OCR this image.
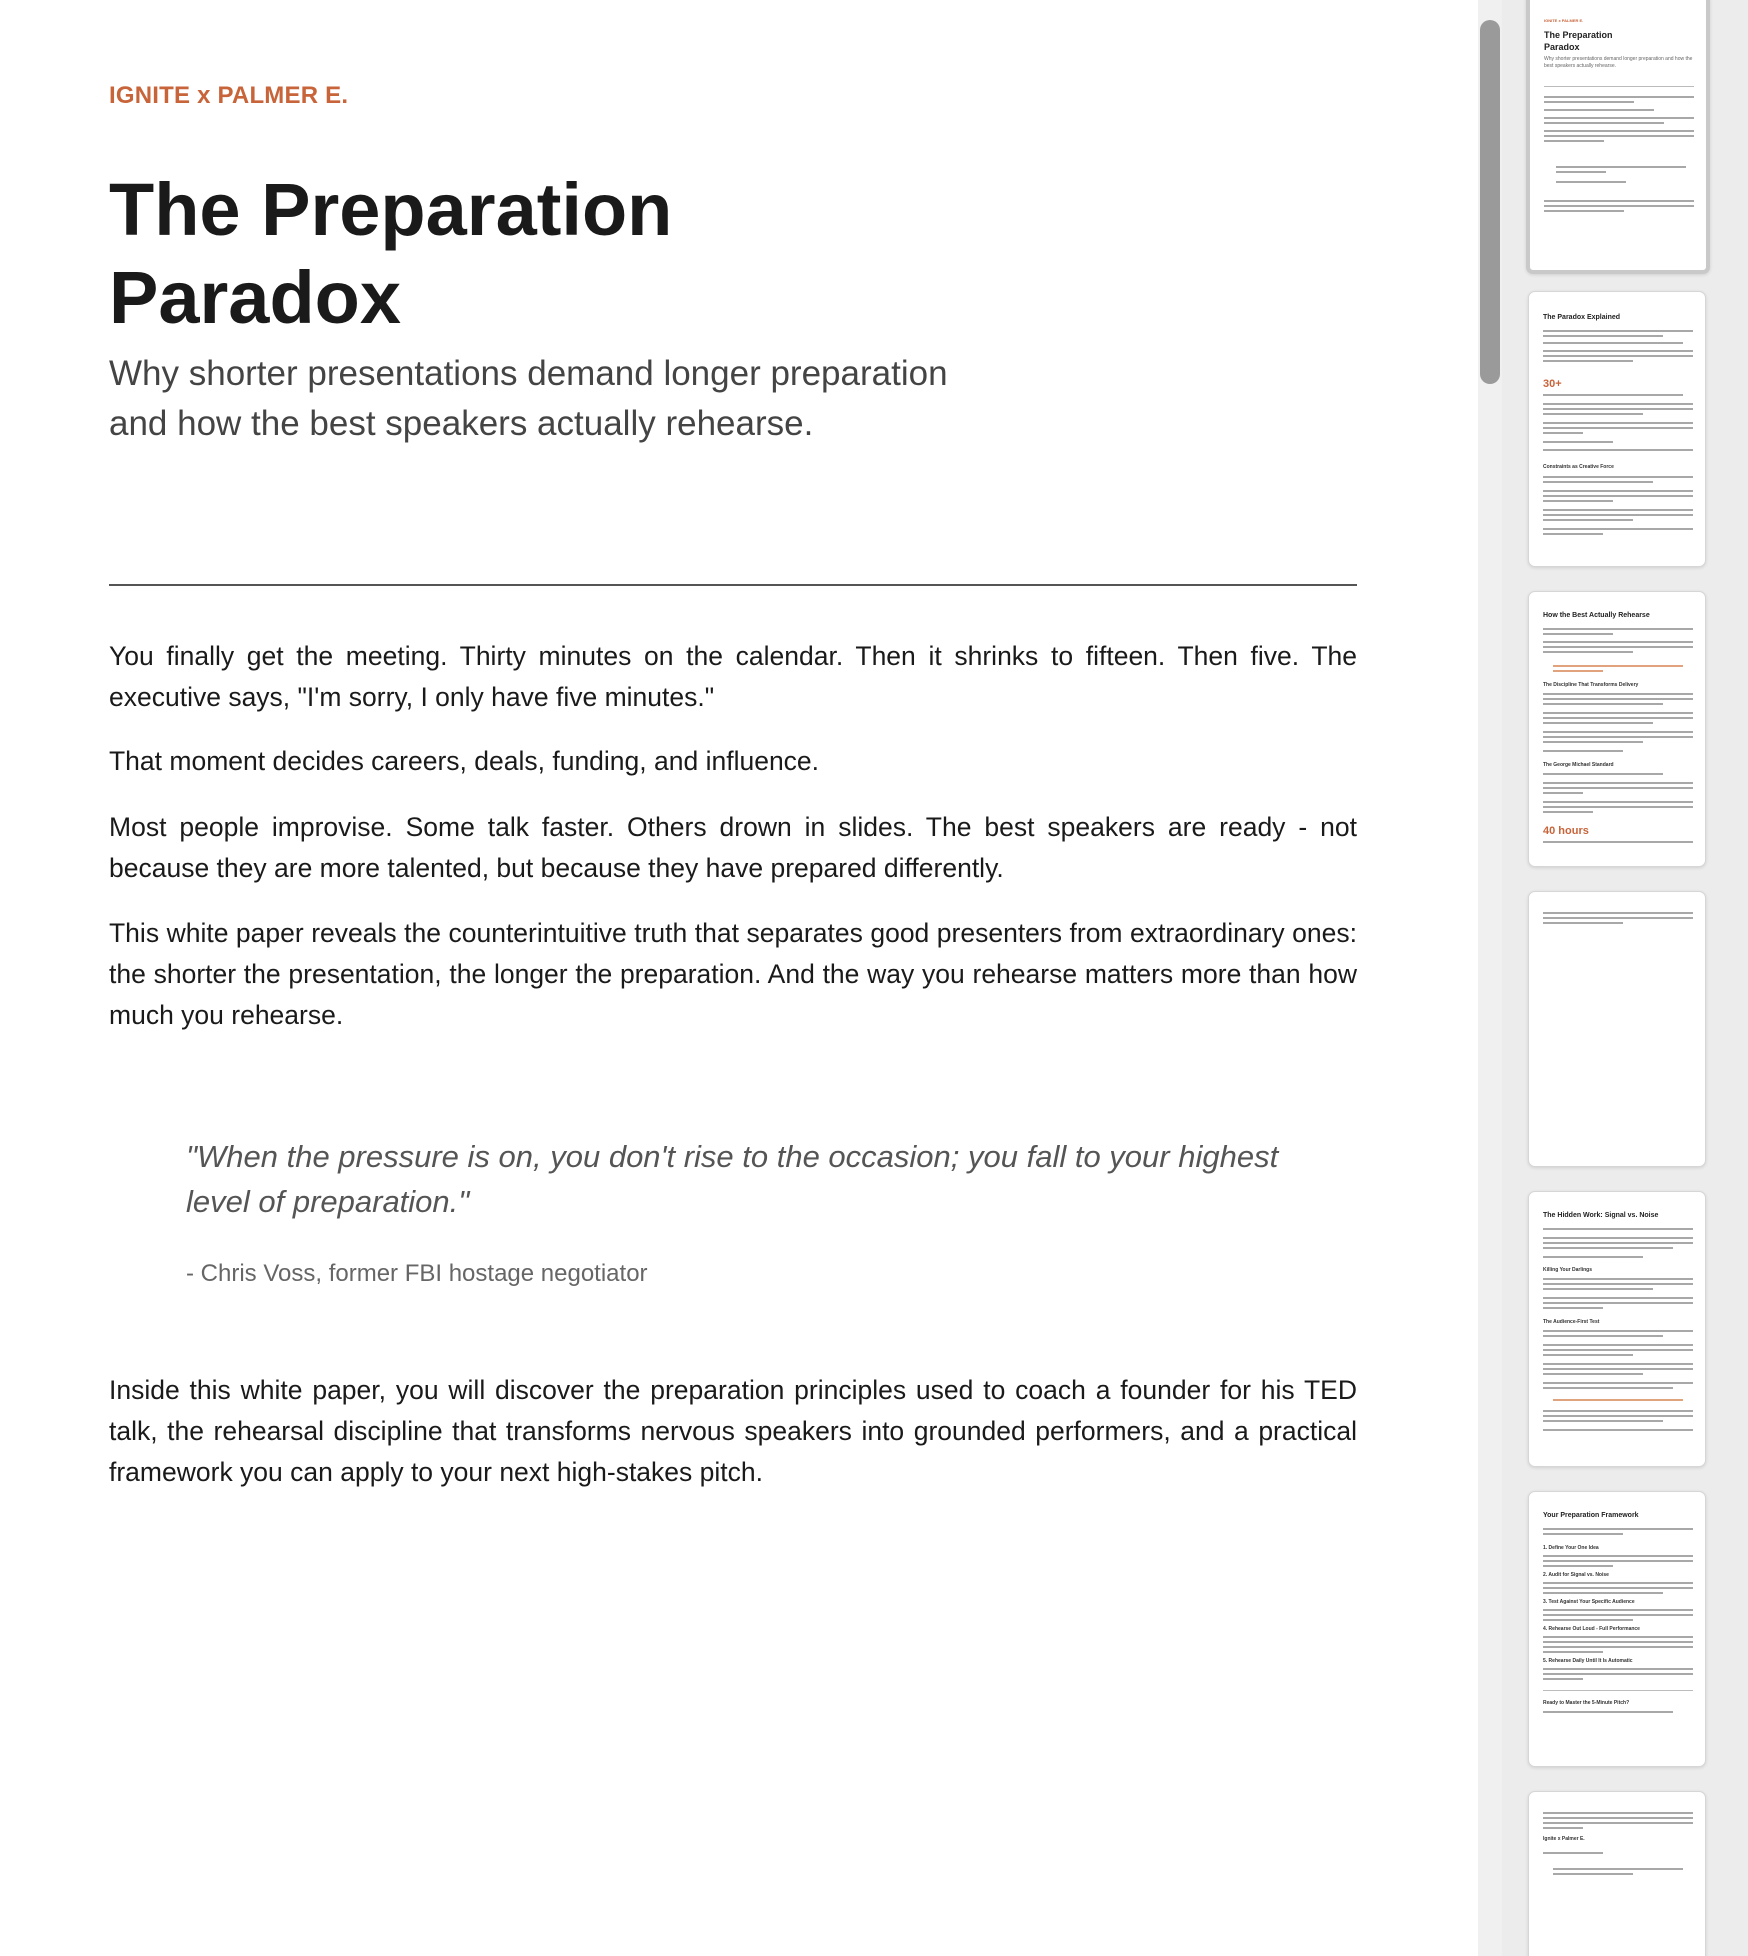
IGNITE x PALMER E.
The Preparation
Paradox
Why shorter presentations demand longer preparation
and how the best speakers actually rehearse.

You finally get the meeting. Thirty minutes on the calendar. Then it shrinks to fifteen. Then five. The executive says, "I'm sorry, I only have five minutes."

That moment decides careers, deals, funding, and influence.

Most people improvise. Some talk faster. Others drown in slides. The best speakers are ready - not because they are more talented, but because they have prepared differently.

This white paper reveals the counterintuitive truth that separates good presenters from extraordinary ones: the shorter the presentation, the longer the preparation. And the way you rehearse matters more than how much you rehearse.

"When the pressure is on, you don't rise to the occasion; you fall to your highest
level of preparation."
- Chris Voss, former FBI hostage negotiator

Inside this white paper, you will discover the preparation principles used to coach a founder for his TED talk, the rehearsal discipline that transforms nervous speakers into grounded performers, and a practical framework you can apply to your next high-stakes pitch.

IGNITE x PALMER E.
The Preparation
Paradox
Why shorter presentations demand longer preparation and how the best speakers actually rehearse.
The Paradox Explained
30+
Constraints as Creative Force
How the Best Actually Rehearse
The Discipline That Transforms Delivery
The George Michael Standard
40 hours
The Hidden Work: Signal vs. Noise
Killing Your Darlings
The Audience-First Test
Your Preparation Framework
1. Define Your One Idea
2. Audit for Signal vs. Noise
3. Test Against Your Specific Audience
4. Rehearse Out Loud - Full Performance
5. Rehearse Daily Until It Is Automatic
Ready to Master the 5-Minute Pitch?
Ignite x Palmer E.
